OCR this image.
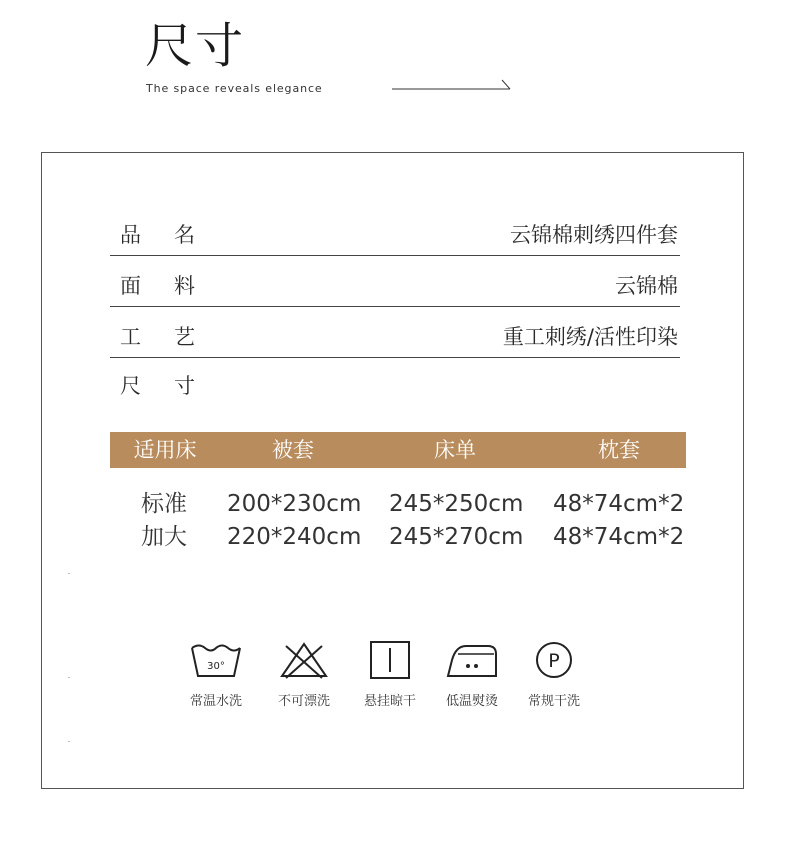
尺寸
The space reveals elegance
品名	云锦棉刺绣四件套
面料	云锦棉
工艺	重工刺绣/活性印染
尺寸
适用床	被套	床单	枕套
标准 200*230cm 245*250cm 48*74cm*2
加大 220*240cm 245*270cm 48*74cm*2
30°
常温水洗	不可漂洗	悬挂晾干	低温熨烫
P
常规干洗
